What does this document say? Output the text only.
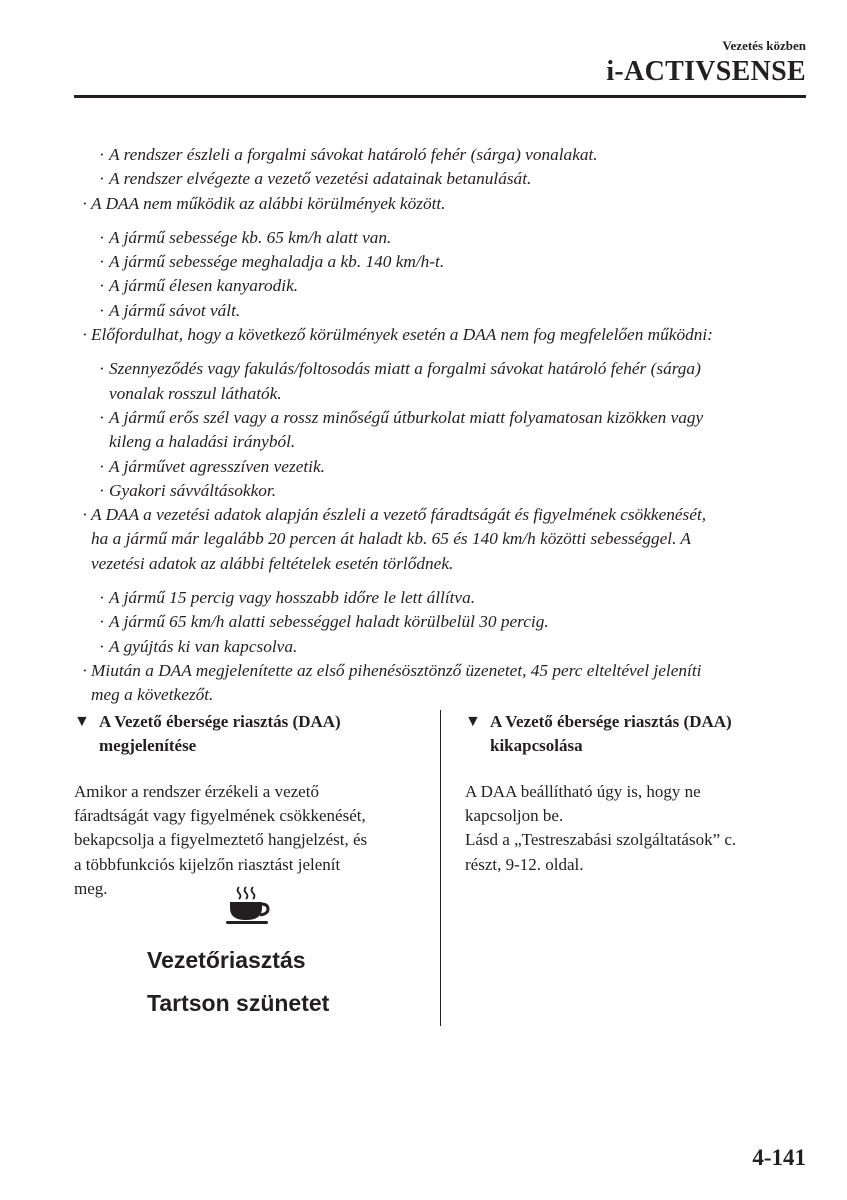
Vezetés közben
i-ACTIVSENSE
· A rendszer észleli a forgalmi sávokat határoló fehér (sárga) vonalakat.
· A rendszer elvégezte a vezető vezetési adatainak betanulását.
· A DAA nem működik az alábbi körülmények között.
· A jármű sebessége kb. 65 km/h alatt van.
· A jármű sebessége meghaladja a kb. 140 km/h-t.
· A jármű élesen kanyarodik.
· A jármű sávot vált.
· Előfordulhat, hogy a következő körülmények esetén a DAA nem fog megfelelően működni:
· Szennyeződés vagy fakulás/foltosodás miatt a forgalmi sávokat határoló fehér (sárga)
vonalak rosszul láthatók.
· A jármű erős szél vagy a rossz minőségű útburkolat miatt folyamatosan kizökken vagy
kileng a haladási irányból.
· A járművet agresszíven vezetik.
· Gyakori sávváltásokkor.
· A DAA a vezetési adatok alapján észleli a vezető fáradtságát és figyelmének csökkenését,
ha a jármű már legalább 20 percen át haladt kb. 65 és 140 km/h közötti sebességgel. A
vezetési adatok az alábbi feltételek esetén törlődnek.
· A jármű 15 percig vagy hosszabb időre le lett állítva.
· A jármű 65 km/h alatti sebességgel haladt körülbelül 30 percig.
· A gyújtás ki van kapcsolva.
· Miután a DAA megjelenítette az első pihenésösztönző üzenetet, 45 perc elteltével jeleníti
meg a következőt.
▼ A Vezető ébersége riasztás (DAA)
megjelenítése
Amikor a rendszer érzékeli a vezető
fáradtságát vagy figyelmének csökkenését,
bekapcsolja a figyelmeztető hangjelzést, és
a többfunkciós kijelzőn riasztást jelenít
meg.
▼ A Vezető ébersége riasztás (DAA)
kikapcsolása
A DAA beállítható úgy is, hogy ne
kapcsoljon be.
Lásd a „Testreszabási szolgáltatások” c.
részt, 9-12. oldal.
Vezetőriasztás
Tartson szünetet
4-141
